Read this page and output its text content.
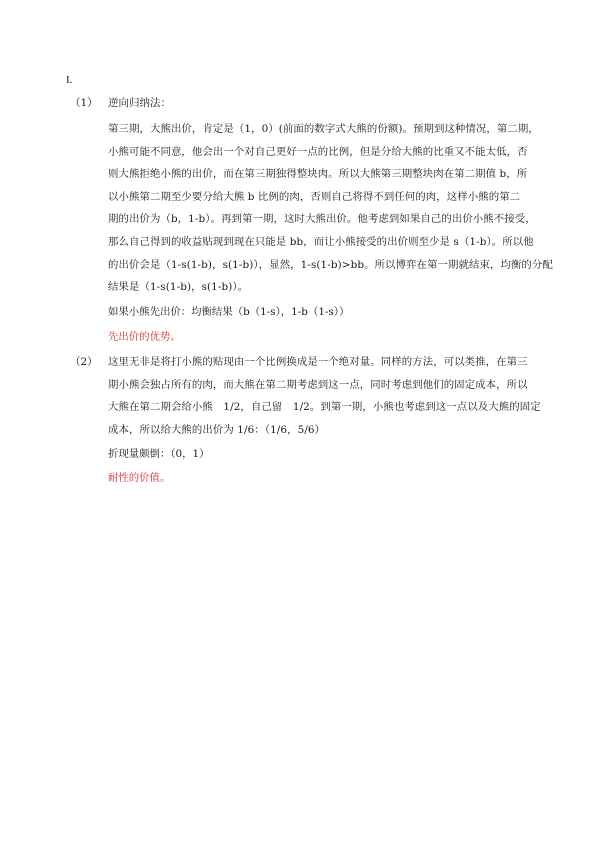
I.
（1） 逆向归纳法：
第三期，大熊出价，肯定是（1，0）(前面的数字式大熊的份额)。预期到这种情况，第二期，
小熊可能不同意，他会出一个对自己更好一点的比例，但是分给大熊的比重又不能太低，否
则大熊拒绝小熊的出价，而在第三期独得整块肉。所以大熊第三期整块肉在第二期值 b，所
以小熊第二期至少要分给大熊 b 比例的肉，否则自己将得不到任何的肉，这样小熊的第二
期的出价为（b，1-b）。再到第一期，这时大熊出价。他考虑到如果自己的出价小熊不接受，
那么自己得到的收益贴现到现在只能是 bb，而让小熊接受的出价则至少是 s（1-b）。所以他
的出价会是（1-s(1-b)，s(1-b)），显然，1-s(1-b)>bb。所以博弈在第一期就结束，均衡的分配
结果是（1-s(1-b)，s(1-b)）。
如果小熊先出价：均衡结果（b（1-s），1-b（1-s））
先出价的优势。
（2） 这里无非是将打小熊的贴现由一个比例换成是一个绝对量。同样的方法，可以类推，在第三
期小熊会独占所有的肉，而大熊在第二期考虑到这一点，同时考虑到他们的固定成本，所以
大熊在第二期会给小熊　1/2，自己留　1/2。到第一期，小熊也考虑到这一点以及大熊的固定
成本，所以给大熊的出价为 1/6：（1/6，5/6）
折现量颇倒：（0，1）
耐性的价值。
